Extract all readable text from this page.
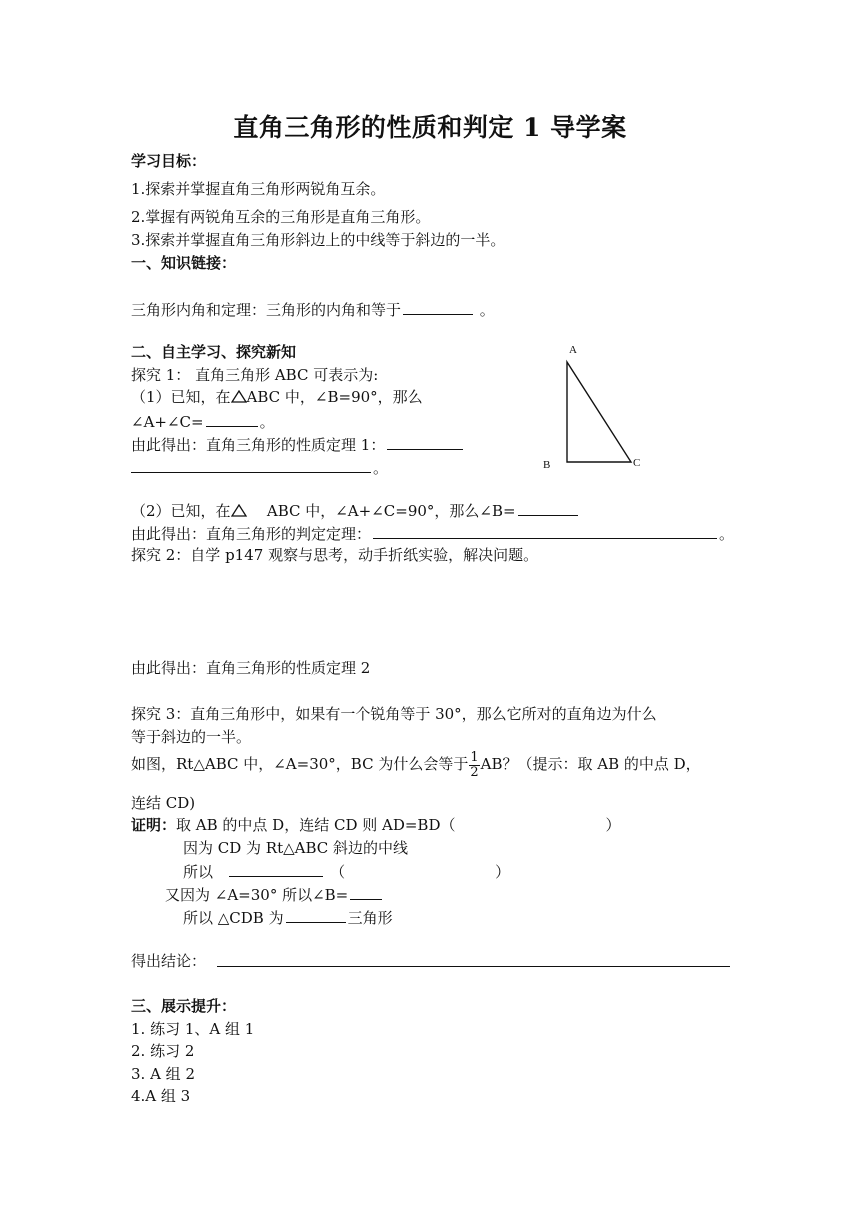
直角三角形的性质和判定 1 导学案
学习目标：
1.探索并掌握直角三角形两锐角互余。
2.掌握有两锐角互余的三角形是直角三角形。
3.探索并掌握直角三角形斜边上的中线等于斜边的一半。
一、知识链接：
三角形内角和定理：三角形的内角和等于	。
二、自主学习、探究新知
探究 1： 直角三角形 ABC 可表示为:
（1）已知，在 ABC 中，∠B=90°，那么
∠A+∠C=	。
由此得出：直角三角形的性质定理 1：
。
A
B	C
（2）已知，在 ABC 中，∠A+∠C=90°，那么∠B=
由此得出：直角三角形的判定定理：	。
探究 2：自学 p147 观察与思考，动手折纸实验，解决问题。
由此得出：直角三角形的性质定理 2
探究 3：直角三角形中，如果有一个锐角等于 30°，那么它所对的直角边为什么
等于斜边的一半。
如图，Rt△ABC 中，∠A=30°，BC 为什么会等于 $\frac{1}{2}$ AB？（提示：取 AB 的中点 D，
连结 CD)
证明：取 AB 的中点 D，连结 CD 则 AD=BD（	）
因为 CD 为 Rt△ABC 斜边的中线
所以	（	）
又因为 ∠A=30° 所以∠B=
所以 △CDB 为	三角形
得出结论：
三、展示提升：
1. 练习 1、A 组 1
2. 练习 2
3. A 组 2
4.A 组 3
